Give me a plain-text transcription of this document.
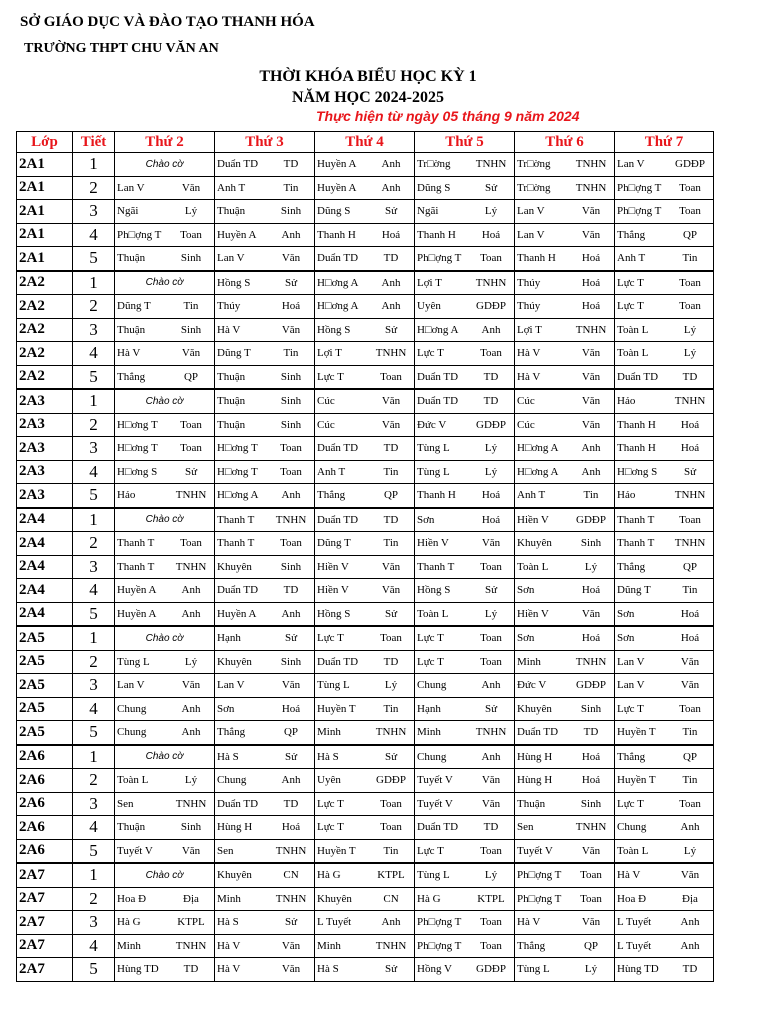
SỞ GIÁO DỤC VÀ ĐÀO TẠO THANH HÓA
TRƯỜNG THPT CHU VĂN AN
THỜI KHÓA BIỂU HỌC KỲ 1
NĂM HỌC 2024-2025
Thực hiện từ ngày 05 tháng 9 năm 2024
Lớp	Tiết	Thứ 2	Thứ 3	Thứ 4	Thứ 5	Thứ 6	Thứ 7
2A1	1	Chào cờ	Duẩn TD TD	Huyền A Anh	Tr□ờng TNHN	Tr□ờng TNHN	Lan V GDĐP

2A1	2	Lan V Văn	Anh T Tin	Huyền A Anh	Dũng S Sử	Tr□ờng TNHN	Ph□ợng T Toan

2A1	3	Ngãi Lý	Thuận Sinh	Dũng S Sử	Ngãi Lý	Lan V Văn	Ph□ợng T Toan

2A1	4	Ph□ợng T Toan	Huyền A Anh	Thanh H Hoá	Thanh H Hoá	Lan V Văn	Thắng QP

2A1	5	Thuận Sinh	Lan V Văn	Duẩn TD TD	Ph□ợng T Toan	Thanh H Hoá	Anh T Tin

2A2	1	Chào cờ	Hồng S Sử	H□ơng A Anh	Lợi T TNHN	Thúy Hoá	Lực T Toan

2A2	2	Dũng T Tin	Thúy Hoá	H□ơng A Anh	Uyên GDĐP	Thúy Hoá	Lực T Toan

2A2	3	Thuận Sinh	Hà V Văn	Hồng S Sử	H□ơng A Anh	Lợi T TNHN	Toàn L Lý

2A2	4	Hà V Văn	Dũng T Tin	Lợi T TNHN	Lực T Toan	Hà V Văn	Toàn L Lý

2A2	5	Thắng QP	Thuận Sinh	Lực T Toan	Duẩn TD TD	Hà V Văn	Duẩn TD TD

2A3	1	Chào cờ	Thuận Sinh	Cúc Văn	Duẩn TD TD	Cúc Văn	Hảo TNHN

2A3	2	H□ơng T Toan	Thuận Sinh	Cúc Văn	Đức V GDĐP	Cúc Văn	Thanh H Hoá

2A3	3	H□ơng T Toan	H□ơng T Toan	Duẩn TD TD	Tùng L Lý	H□ơng A Anh	Thanh H Hoá

2A3	4	H□ơng S Sử	H□ơng T Toan	Anh T Tin	Tùng L Lý	H□ơng A Anh	H□ơng S Sử

2A3	5	Hảo TNHN	H□ơng A Anh	Thắng QP	Thanh H Hoá	Anh T Tin	Hảo TNHN

2A4	1	Chào cờ	Thanh T TNHN	Duẩn TD TD	Sơn Hoá	Hiền V GDĐP	Thanh T Toan

2A4	2	Thanh T Toan	Thanh T Toan	Dũng T Tin	Hiền V Văn	Khuyên Sinh	Thanh T TNHN

2A4	3	Thanh T TNHN	Khuyên Sinh	Hiền V Văn	Thanh T Toan	Toàn L Lý	Thắng QP

2A4	4	Huyền A Anh	Duẩn TD TD	Hiền V Văn	Hồng S Sử	Sơn Hoá	Dũng T Tin

2A4	5	Huyền A Anh	Huyền A Anh	Hồng S Sử	Toàn L Lý	Hiền V Văn	Sơn Hoá

2A5	1	Chào cờ	Hạnh Sử	Lực T Toan	Lực T Toan	Sơn Hoá	Sơn Hoá

2A5	2	Tùng L Lý	Khuyên Sinh	Duẩn TD TD	Lực T Toan	Minh TNHN	Lan V Văn

2A5	3	Lan V Văn	Lan V Văn	Tùng L Lý	Chung Anh	Đức V GDĐP	Lan V Văn

2A5	4	Chung Anh	Sơn Hoá	Huyền T Tin	Hạnh Sử	Khuyên Sinh	Lực T Toan

2A5	5	Chung Anh	Thắng QP	Minh TNHN	Minh TNHN	Duẩn TD TD	Huyền T Tin

2A6	1	Chào cờ	Hà S Sử	Hà S Sử	Chung Anh	Hùng H Hoá	Thắng QP

2A6	2	Toàn L Lý	Chung Anh	Uyên GDĐP	Tuyết V Văn	Hùng H Hoá	Huyền T Tin

2A6	3	Sen TNHN	Duẩn TD TD	Lực T Toan	Tuyết V Văn	Thuận Sinh	Lực T Toan

2A6	4	Thuận Sinh	Hùng H Hoá	Lực T Toan	Duẩn TD TD	Sen TNHN	Chung Anh

2A6	5	Tuyết V Văn	Sen TNHN	Huyền T Tin	Lực T Toan	Tuyết V Văn	Toàn L Lý

2A7	1	Chào cờ	Khuyên CN	Hà G KTPL	Tùng L Lý	Ph□ợng T Toan	Hà V Văn

2A7	2	Hoa Đ Địa	Minh TNHN	Khuyên CN	Hà G KTPL	Ph□ợng T Toan	Hoa Đ Địa

2A7	3	Hà G KTPL	Hà S Sử	L Tuyết Anh	Ph□ợng T Toan	Hà V Văn	L Tuyết Anh

2A7	4	Minh TNHN	Hà V Văn	Minh TNHN	Ph□ợng T Toan	Thắng QP	L Tuyết Anh

2A7	5	Hùng TD TD	Hà V Văn	Hà S Sử	Hồng V GDĐP	Tùng L Lý	Hùng TD TD
